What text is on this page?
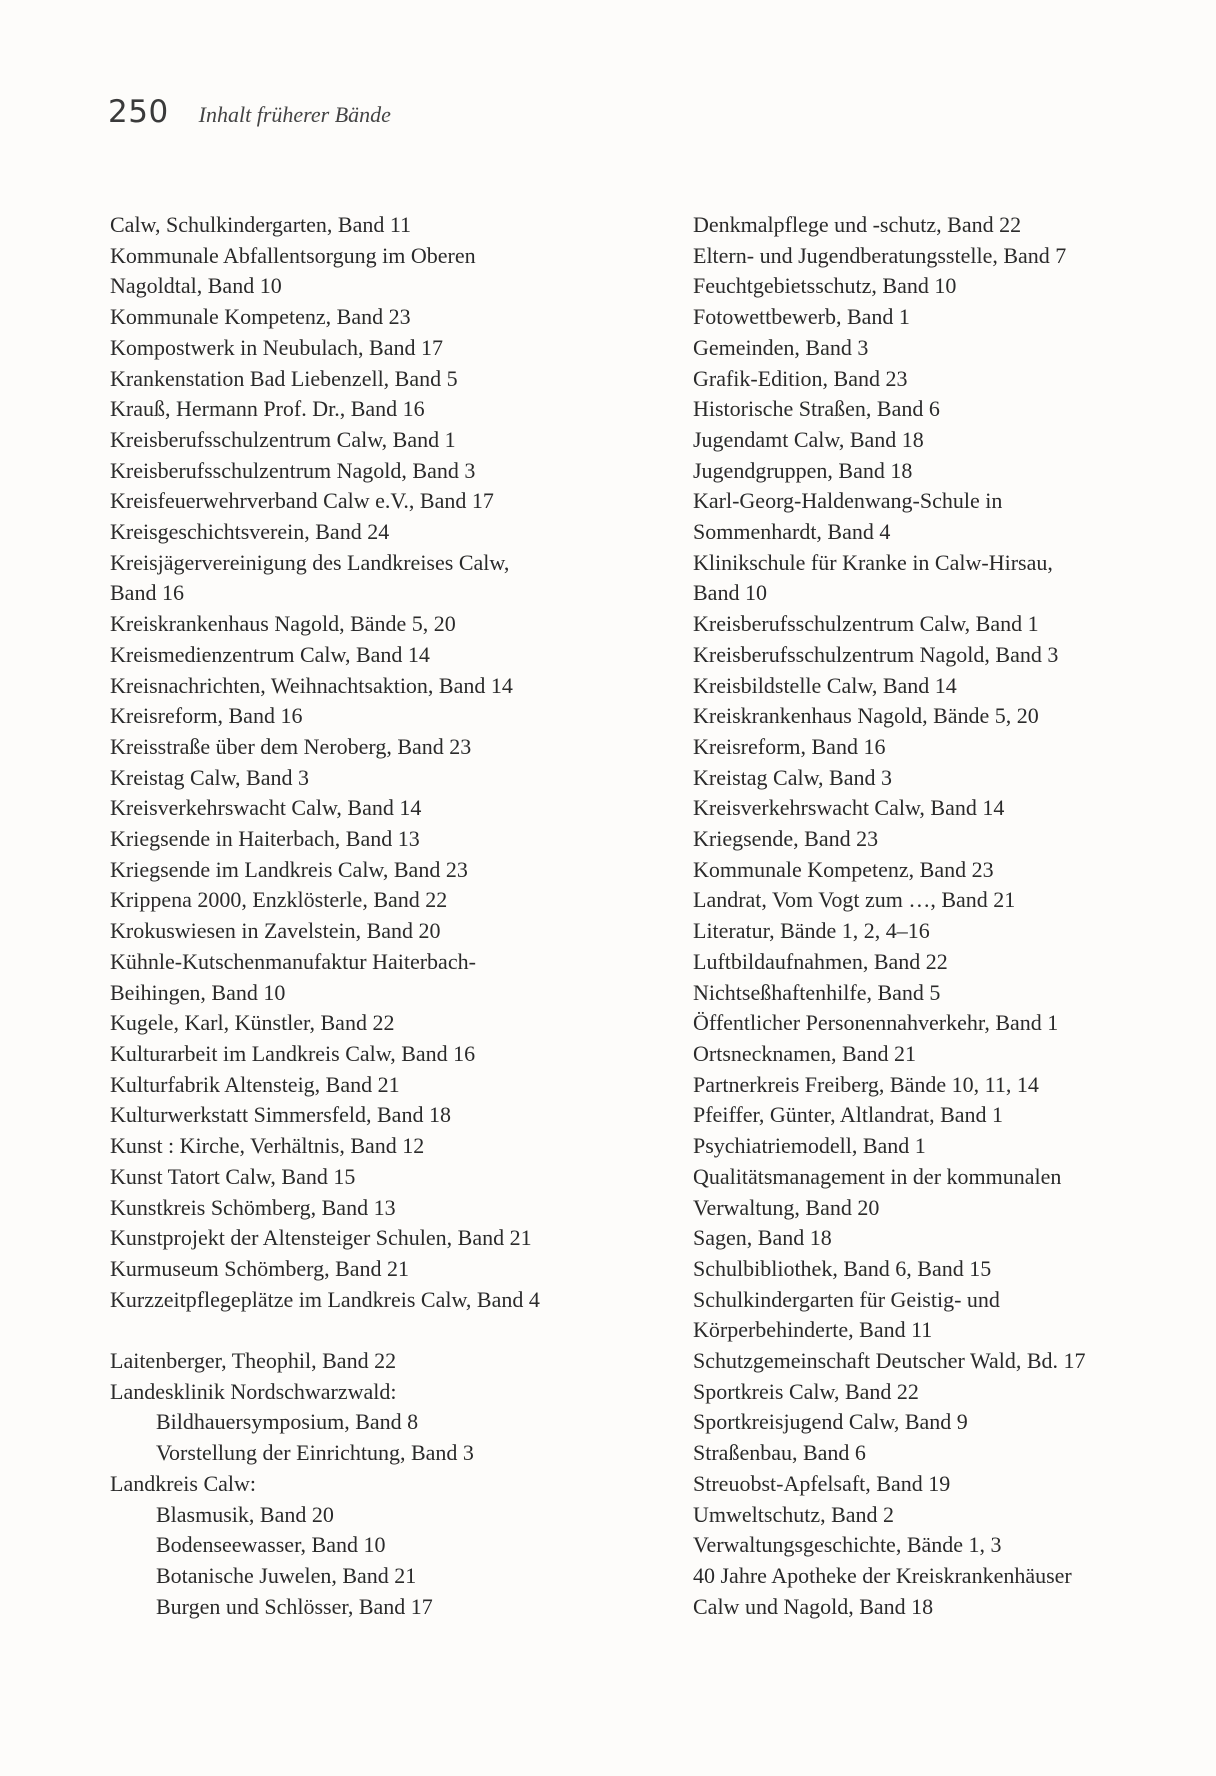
250 Inhalt früherer Bände
Calw, Schulkindergarten, Band 11
Kommunale Abfallentsorgung im Oberen
Nagoldtal, Band 10
Kommunale Kompetenz, Band 23
Kompostwerk in Neubulach, Band 17
Krankenstation Bad Liebenzell, Band 5
Krauß, Hermann Prof. Dr., Band 16
Kreisberufsschulzentrum Calw, Band 1
Kreisberufsschulzentrum Nagold, Band 3
Kreisfeuerwehrverband Calw e.V., Band 17
Kreisgeschichtsverein, Band 24
Kreisjägervereinigung des Landkreises Calw,
Band 16
Kreiskrankenhaus Nagold, Bände 5, 20
Kreismedienzentrum Calw, Band 14
Kreisnachrichten, Weihnachtsaktion, Band 14
Kreisreform, Band 16
Kreisstraße über dem Neroberg, Band 23
Kreistag Calw, Band 3
Kreisverkehrswacht Calw, Band 14
Kriegsende in Haiterbach, Band 13
Kriegsende im Landkreis Calw, Band 23
Krippena 2000, Enzklösterle, Band 22
Krokuswiesen in Zavelstein, Band 20
Kühnle-Kutschenmanufaktur Haiterbach-
Beihingen, Band 10
Kugele, Karl, Künstler, Band 22
Kulturarbeit im Landkreis Calw, Band 16
Kulturfabrik Altensteig, Band 21
Kulturwerkstatt Simmersfeld, Band 18
Kunst : Kirche, Verhältnis, Band 12
Kunst Tatort Calw, Band 15
Kunstkreis Schömberg, Band 13
Kunstprojekt der Altensteiger Schulen, Band 21
Kurmuseum Schömberg, Band 21
Kurzzeitpflegeplätze im Landkreis Calw, Band 4
Laitenberger, Theophil, Band 22
Landesklinik Nordschwarzwald:
Bildhauersymposium, Band 8
Vorstellung der Einrichtung, Band 3
Landkreis Calw:
Blasmusik, Band 20
Bodenseewasser, Band 10
Botanische Juwelen, Band 21
Burgen und Schlösser, Band 17
Denkmalpflege und -schutz, Band 22
Eltern- und Jugendberatungsstelle, Band 7
Feuchtgebietsschutz, Band 10
Fotowettbewerb, Band 1
Gemeinden, Band 3
Grafik-Edition, Band 23
Historische Straßen, Band 6
Jugendamt Calw, Band 18
Jugendgruppen, Band 18
Karl-Georg-Haldenwang-Schule in
Sommenhardt, Band 4
Klinikschule für Kranke in Calw-Hirsau,
Band 10
Kreisberufsschulzentrum Calw, Band 1
Kreisberufsschulzentrum Nagold, Band 3
Kreisbildstelle Calw, Band 14
Kreiskrankenhaus Nagold, Bände 5, 20
Kreisreform, Band 16
Kreistag Calw, Band 3
Kreisverkehrswacht Calw, Band 14
Kriegsende, Band 23
Kommunale Kompetenz, Band 23
Landrat, Vom Vogt zum …, Band 21
Literatur, Bände 1, 2, 4–16
Luftbildaufnahmen, Band 22
Nichtseßhaftenhilfe, Band 5
Öffentlicher Personennahverkehr, Band 1
Ortsnecknamen, Band 21
Partnerkreis Freiberg, Bände 10, 11, 14
Pfeiffer, Günter, Altlandrat, Band 1
Psychiatriemodell, Band 1
Qualitätsmanagement in der kommunalen
Verwaltung, Band 20
Sagen, Band 18
Schulbibliothek, Band 6, Band 15
Schulkindergarten für Geistig- und
Körperbehinderte, Band 11
Schutzgemeinschaft Deutscher Wald, Bd. 17
Sportkreis Calw, Band 22
Sportkreisjugend Calw, Band 9
Straßenbau, Band 6
Streuobst-Apfelsaft, Band 19
Umweltschutz, Band 2
Verwaltungsgeschichte, Bände 1, 3
40 Jahre Apotheke der Kreiskrankenhäuser
Calw und Nagold, Band 18
